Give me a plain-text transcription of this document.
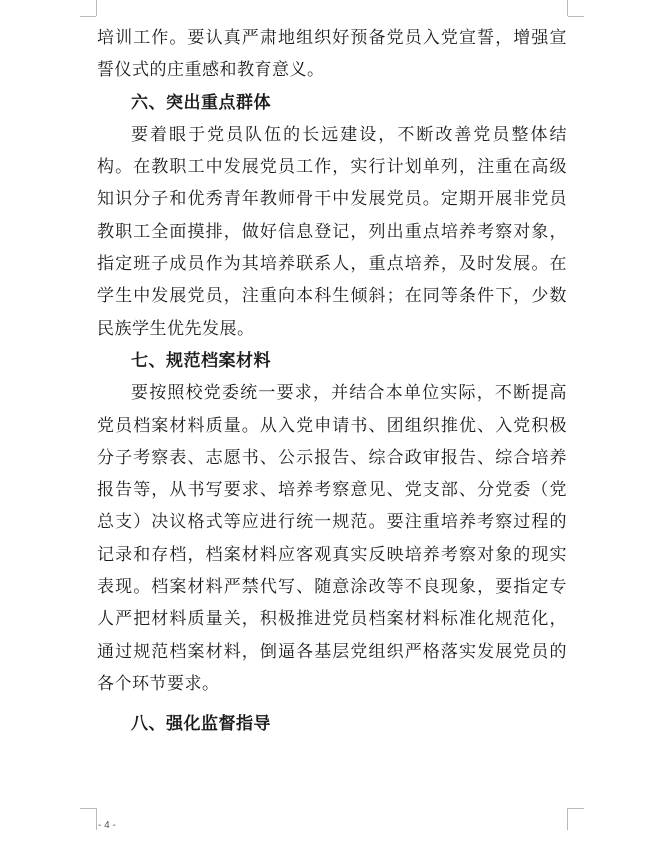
培训工作。要认真严肃地组织好预备党员入党宣誓，增强宣誓仪式的庄重感和教育意义。

六、突出重点群体

要着眼于党员队伍的长远建设，不断改善党员整体结构。在教职工中发展党员工作，实行计划单列，注重在高级知识分子和优秀青年教师骨干中发展党员。定期开展非党员教职工全面摸排，做好信息登记，列出重点培养考察对象，指定班子成员作为其培养联系人，重点培养，及时发展。在学生中发展党员，注重向本科生倾斜；在同等条件下，少数民族学生优先发展。

七、规范档案材料

要按照校党委统一要求，并结合本单位实际，不断提高党员档案材料质量。从入党申请书、团组织推优、入党积极分子考察表、志愿书、公示报告、综合政审报告、综合培养报告等，从书写要求、培养考察意见、党支部、分党委（党总支）决议格式等应进行统一规范。要注重培养考察过程的记录和存档，档案材料应客观真实反映培养考察对象的现实表现。档案材料严禁代写、随意涂改等不良现象，要指定专人严把材料质量关，积极推进党员档案材料标准化规范化，通过规范档案材料，倒逼各基层党组织严格落实发展党员的各个环节要求。

八、强化监督指导

- 4 -
